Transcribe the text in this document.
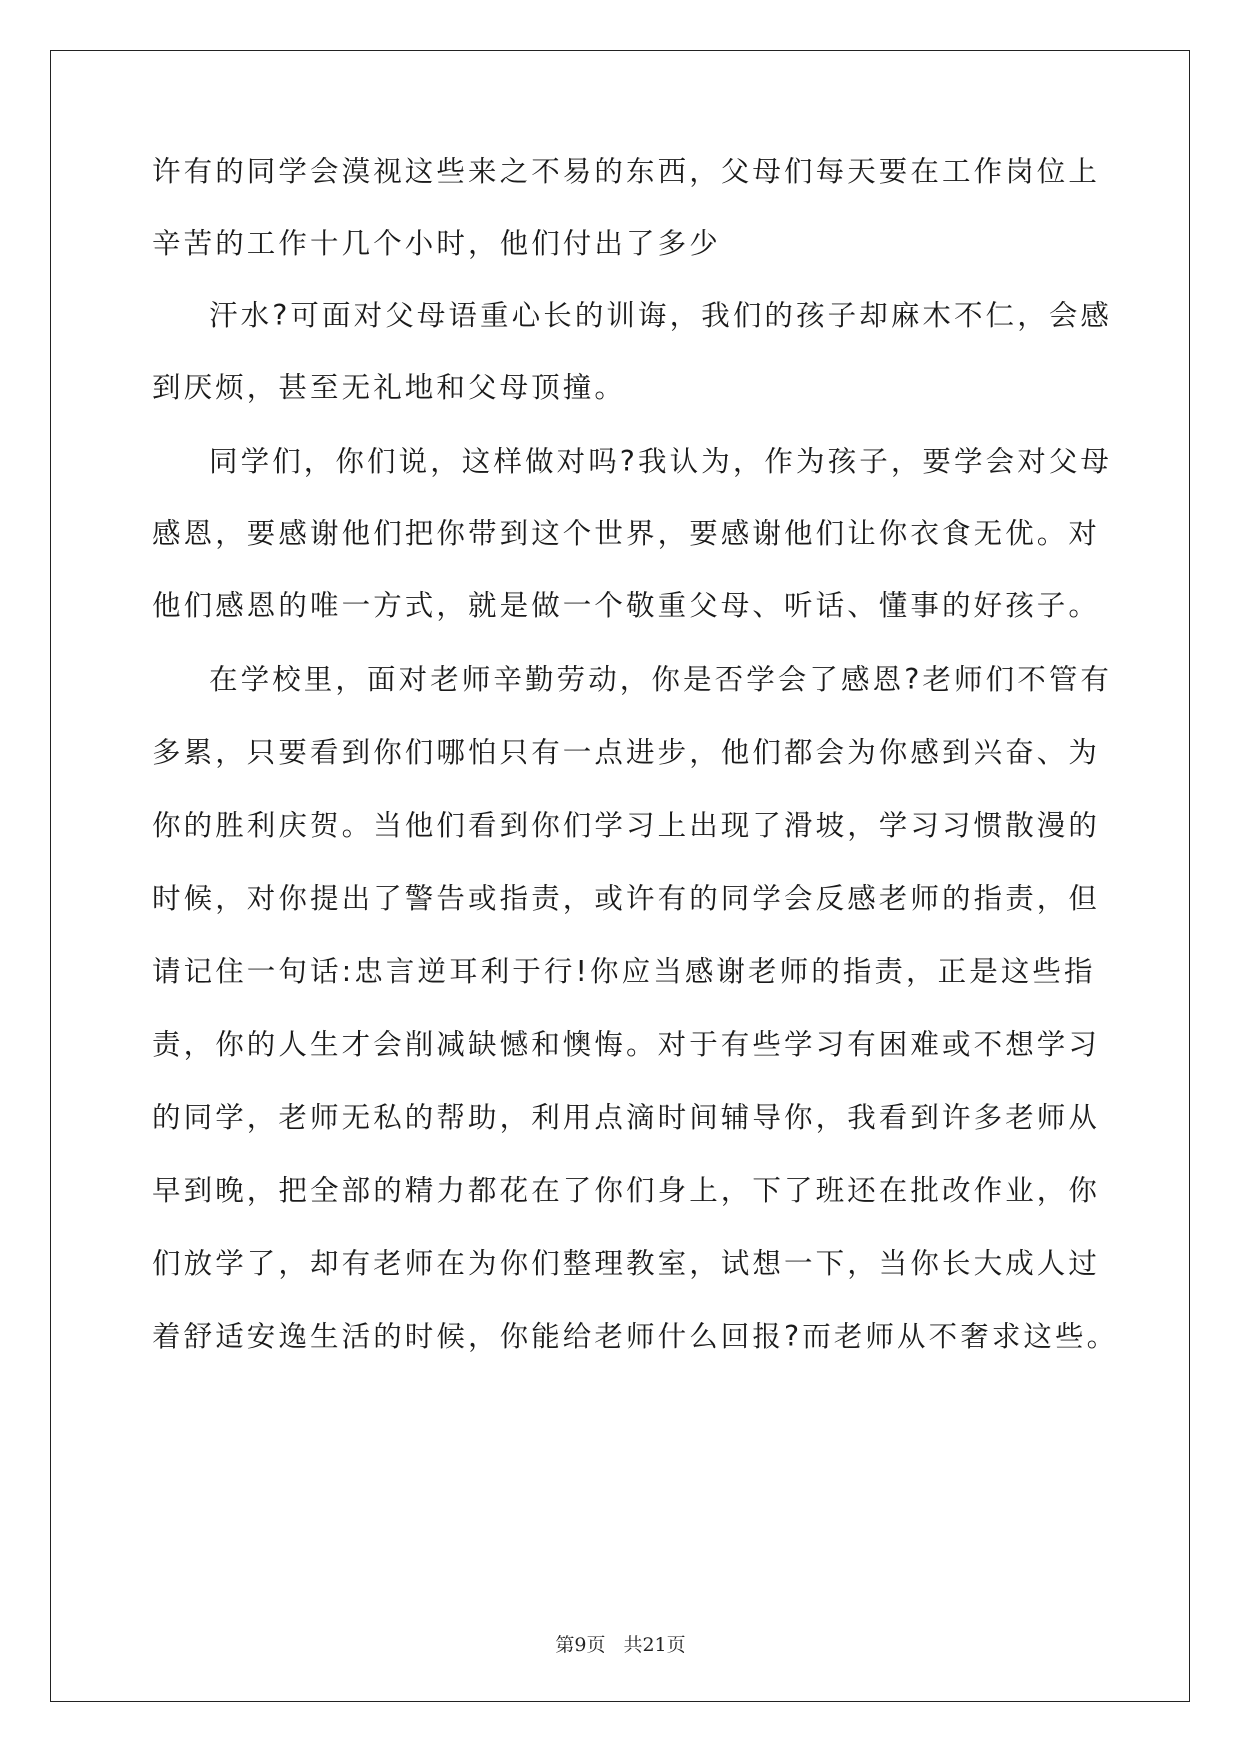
许有的同学会漠视这些来之不易的东西，父母们每天要在工作岗位上
辛苦的工作十几个小时，他们付出了多少
汗水?可面对父母语重心长的训诲，我们的孩子却麻木不仁，会感
到厌烦，甚至无礼地和父母顶撞。
同学们，你们说，这样做对吗?我认为，作为孩子，要学会对父母
感恩，要感谢他们把你带到这个世界，要感谢他们让你衣食无优。对
他们感恩的唯一方式，就是做一个敬重父母、听话、懂事的好孩子。
在学校里，面对老师辛勤劳动，你是否学会了感恩?老师们不管有
多累，只要看到你们哪怕只有一点进步，他们都会为你感到兴奋、为
你的胜利庆贺。当他们看到你们学习上出现了滑坡，学习习惯散漫的
时候，对你提出了警告或指责，或许有的同学会反感老师的指责，但
请记住一句话:忠言逆耳利于行!你应当感谢老师的指责，正是这些指
责，你的人生才会削减缺憾和懊悔。对于有些学习有困难或不想学习
的同学，老师无私的帮助，利用点滴时间辅导你，我看到许多老师从
早到晚，把全部的精力都花在了你们身上，下了班还在批改作业，你
们放学了，却有老师在为你们整理教室，试想一下，当你长大成人过
着舒适安逸生活的时候，你能给老师什么回报?而老师从不奢求这些。
第9页 共21页
